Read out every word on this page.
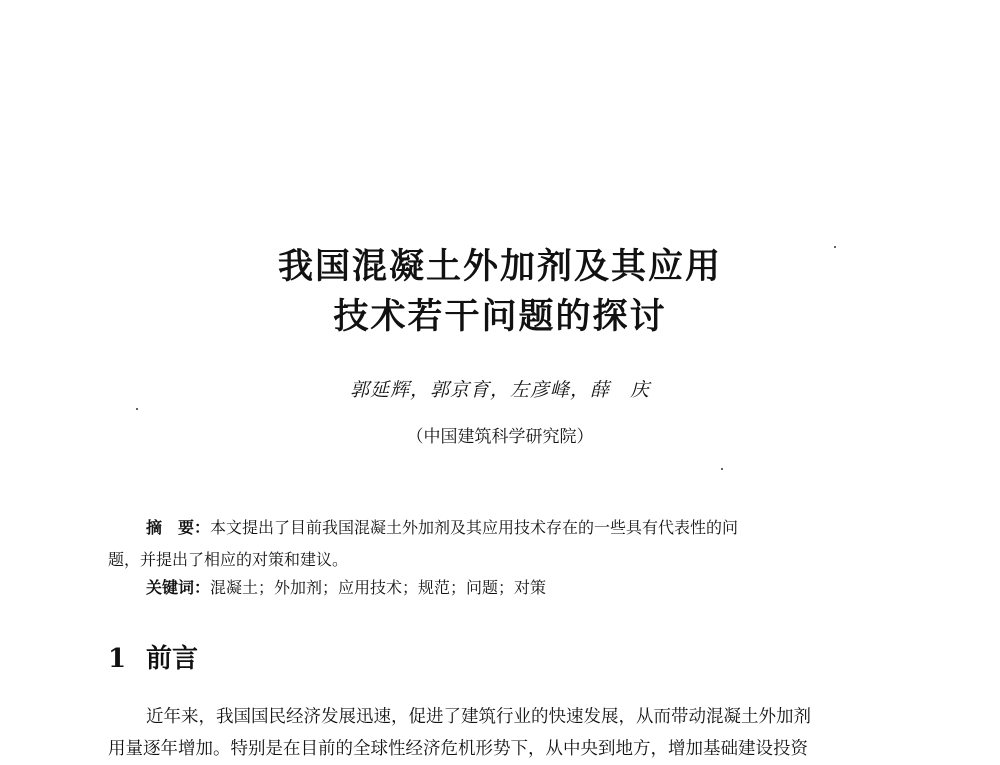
我国混凝土外加剂及其应用
技术若干问题的探讨
郭延辉，郭京育，左彦峰，薛　庆
（中国建筑科学研究院）
摘　要：本文提出了目前我国混凝土外加剂及其应用技术存在的一些具有代表性的问
题，并提出了相应的对策和建议。
关键词：混凝土；外加剂；应用技术；规范；问题；对策
1 前言
近年来，我国国民经济发展迅速，促进了建筑行业的快速发展，从而带动混凝土外加剂
用量逐年增加。特别是在目前的全球性经济危机形势下，从中央到地方，增加基础建设投资
